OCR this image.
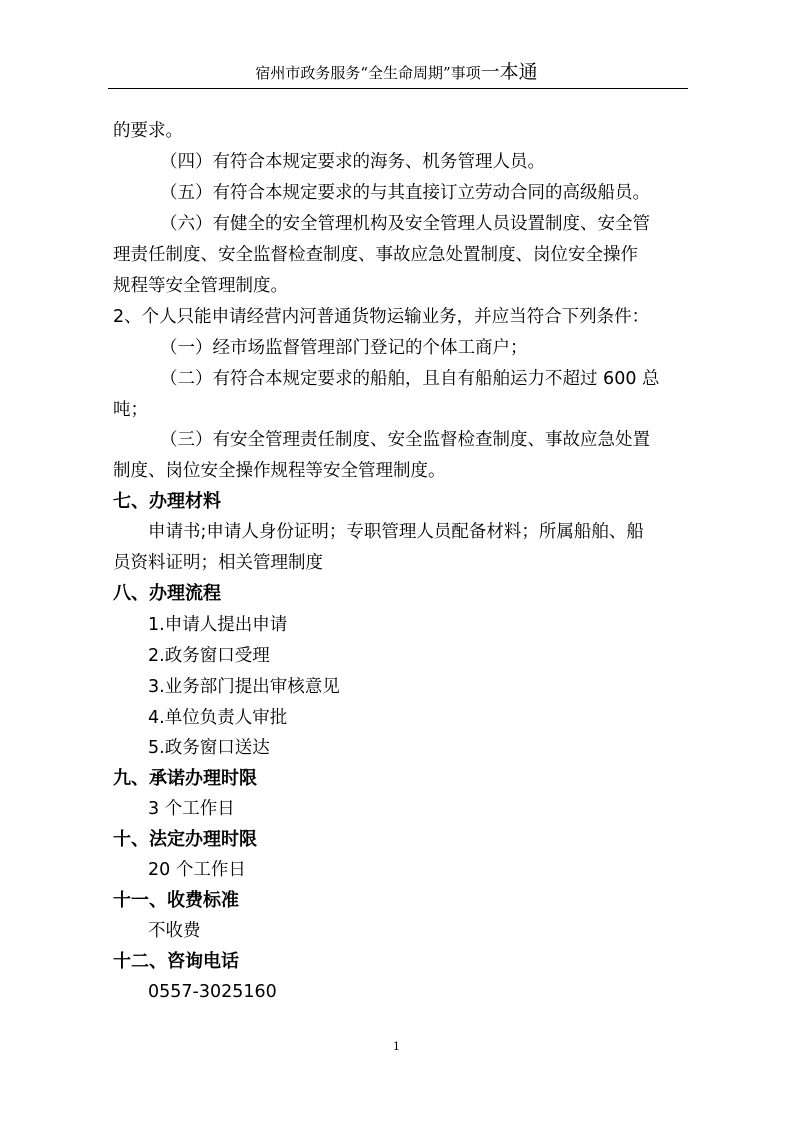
宿州市政务服务“全生命周期”事项一本通
的要求。
（四）有符合本规定要求的海务、机务管理人员。
（五）有符合本规定要求的与其直接订立劳动合同的高级船员。
（六）有健全的安全管理机构及安全管理人员设置制度、安全管
理责任制度、安全监督检查制度、事故应急处置制度、岗位安全操作
规程等安全管理制度。
2、个人只能申请经营内河普通货物运输业务，并应当符合下列条件：
（一）经市场监督管理部门登记的个体工商户；
（二）有符合本规定要求的船舶，且自有船舶运力不超过 600 总
吨；
（三）有安全管理责任制度、安全监督检查制度、事故应急处置
制度、岗位安全操作规程等安全管理制度。
七、办理材料
申请书;申请人身份证明；专职管理人员配备材料；所属船舶、船
员资料证明；相关管理制度
八、办理流程
1.申请人提出申请
2.政务窗口受理
3.业务部门提出审核意见
4.单位负责人审批
5.政务窗口送达
九、承诺办理时限
3 个工作日
十、法定办理时限
20 个工作日
十一、收费标准
不收费
十二、咨询电话
0557-3025160
1
